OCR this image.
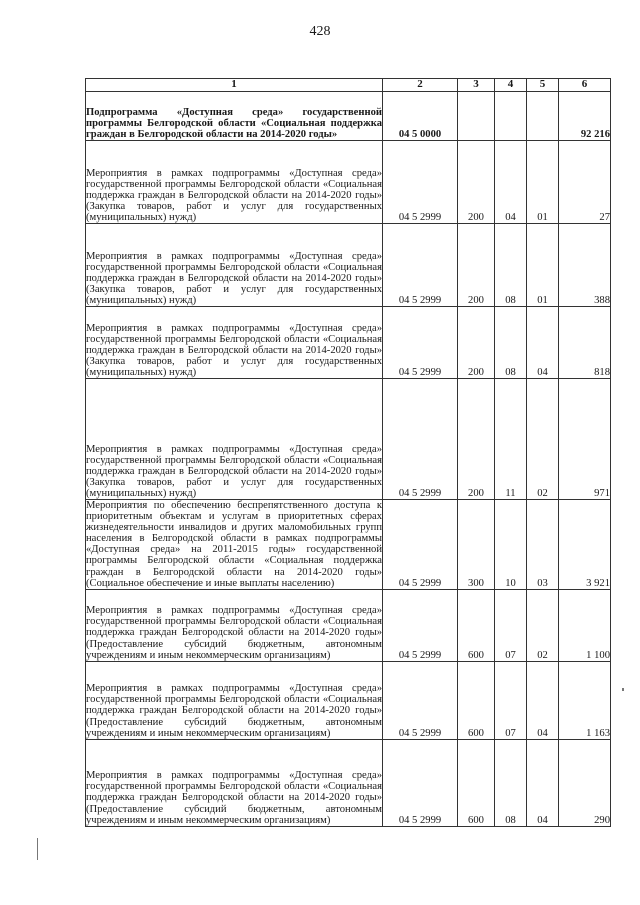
428
1	2	3	4	5	6
Подпрограмма «Доступная среда» государственной программы Белгородской области «Социальная поддержка граждан в Белгородской области на 2014-2020 годы»	04 5 0000				92 216
Мероприятия в рамках подпрограммы «Доступная среда» государственной программы Белгородской области «Социальная поддержка граждан в Белгородской области на 2014-2020 годы» (Закупка товаров, работ и услуг для государственных (муниципальных) нужд)	04 5 2999	200	04	01	27
Мероприятия в рамках подпрограммы «Доступная среда» государственной программы Белгородской области «Социальная поддержка граждан в Белгородской области на 2014-2020 годы» (Закупка товаров, работ и услуг для государственных (муниципальных) нужд)	04 5 2999	200	08	01	388
Мероприятия в рамках подпрограммы «Доступная среда» государственной программы Белгородской области «Социальная поддержка граждан в Белгородской области на 2014-2020 годы» (Закупка товаров, работ и услуг для государственных (муниципальных) нужд)	04 5 2999	200	08	04	818
Мероприятия в рамках подпрограммы «Доступная среда» государственной программы Белгородской области «Социальная поддержка граждан в Белгородской области на 2014-2020 годы» (Закупка товаров, работ и услуг для государственных (муниципальных) нужд)	04 5 2999	200	11	02	971
Мероприятия по обеспечению беспрепятственного доступа к приоритетным объектам и услугам в приоритетных сферах жизнедеятельности инвалидов и других маломобильных групп населения в Белгородской области в рамках подпрограммы «Доступная среда» на 2011-2015 годы» государственной программы Белгородской области «Социальная поддержка граждан в Белгородской области на 2014-2020 годы» (Социальное обеспечение и иные выплаты населению)	04 5 2999	300	10	03	3 921
Мероприятия в рамках подпрограммы «Доступная среда» государственной программы Белгородской области «Социальная поддержка граждан Белгородской области на 2014-2020 годы» (Предоставление субсидий бюджетным, автономным учреждениям и иным некоммерческим организациям)	04 5 2999	600	07	02	1 100
Мероприятия в рамках подпрограммы «Доступная среда» государственной программы Белгородской области «Социальная поддержка граждан Белгородской области на 2014-2020 годы» (Предоставление субсидий бюджетным, автономным учреждениям и иным некоммерческим организациям)	04 5 2999	600	07	04	1 163
Мероприятия в рамках подпрограммы «Доступная среда» государственной программы Белгородской области «Социальная поддержка граждан Белгородской области на 2014-2020 годы» (Предоставление субсидий бюджетным, автономным учреждениям и иным некоммерческим организациям)	04 5 2999	600	08	04	290
